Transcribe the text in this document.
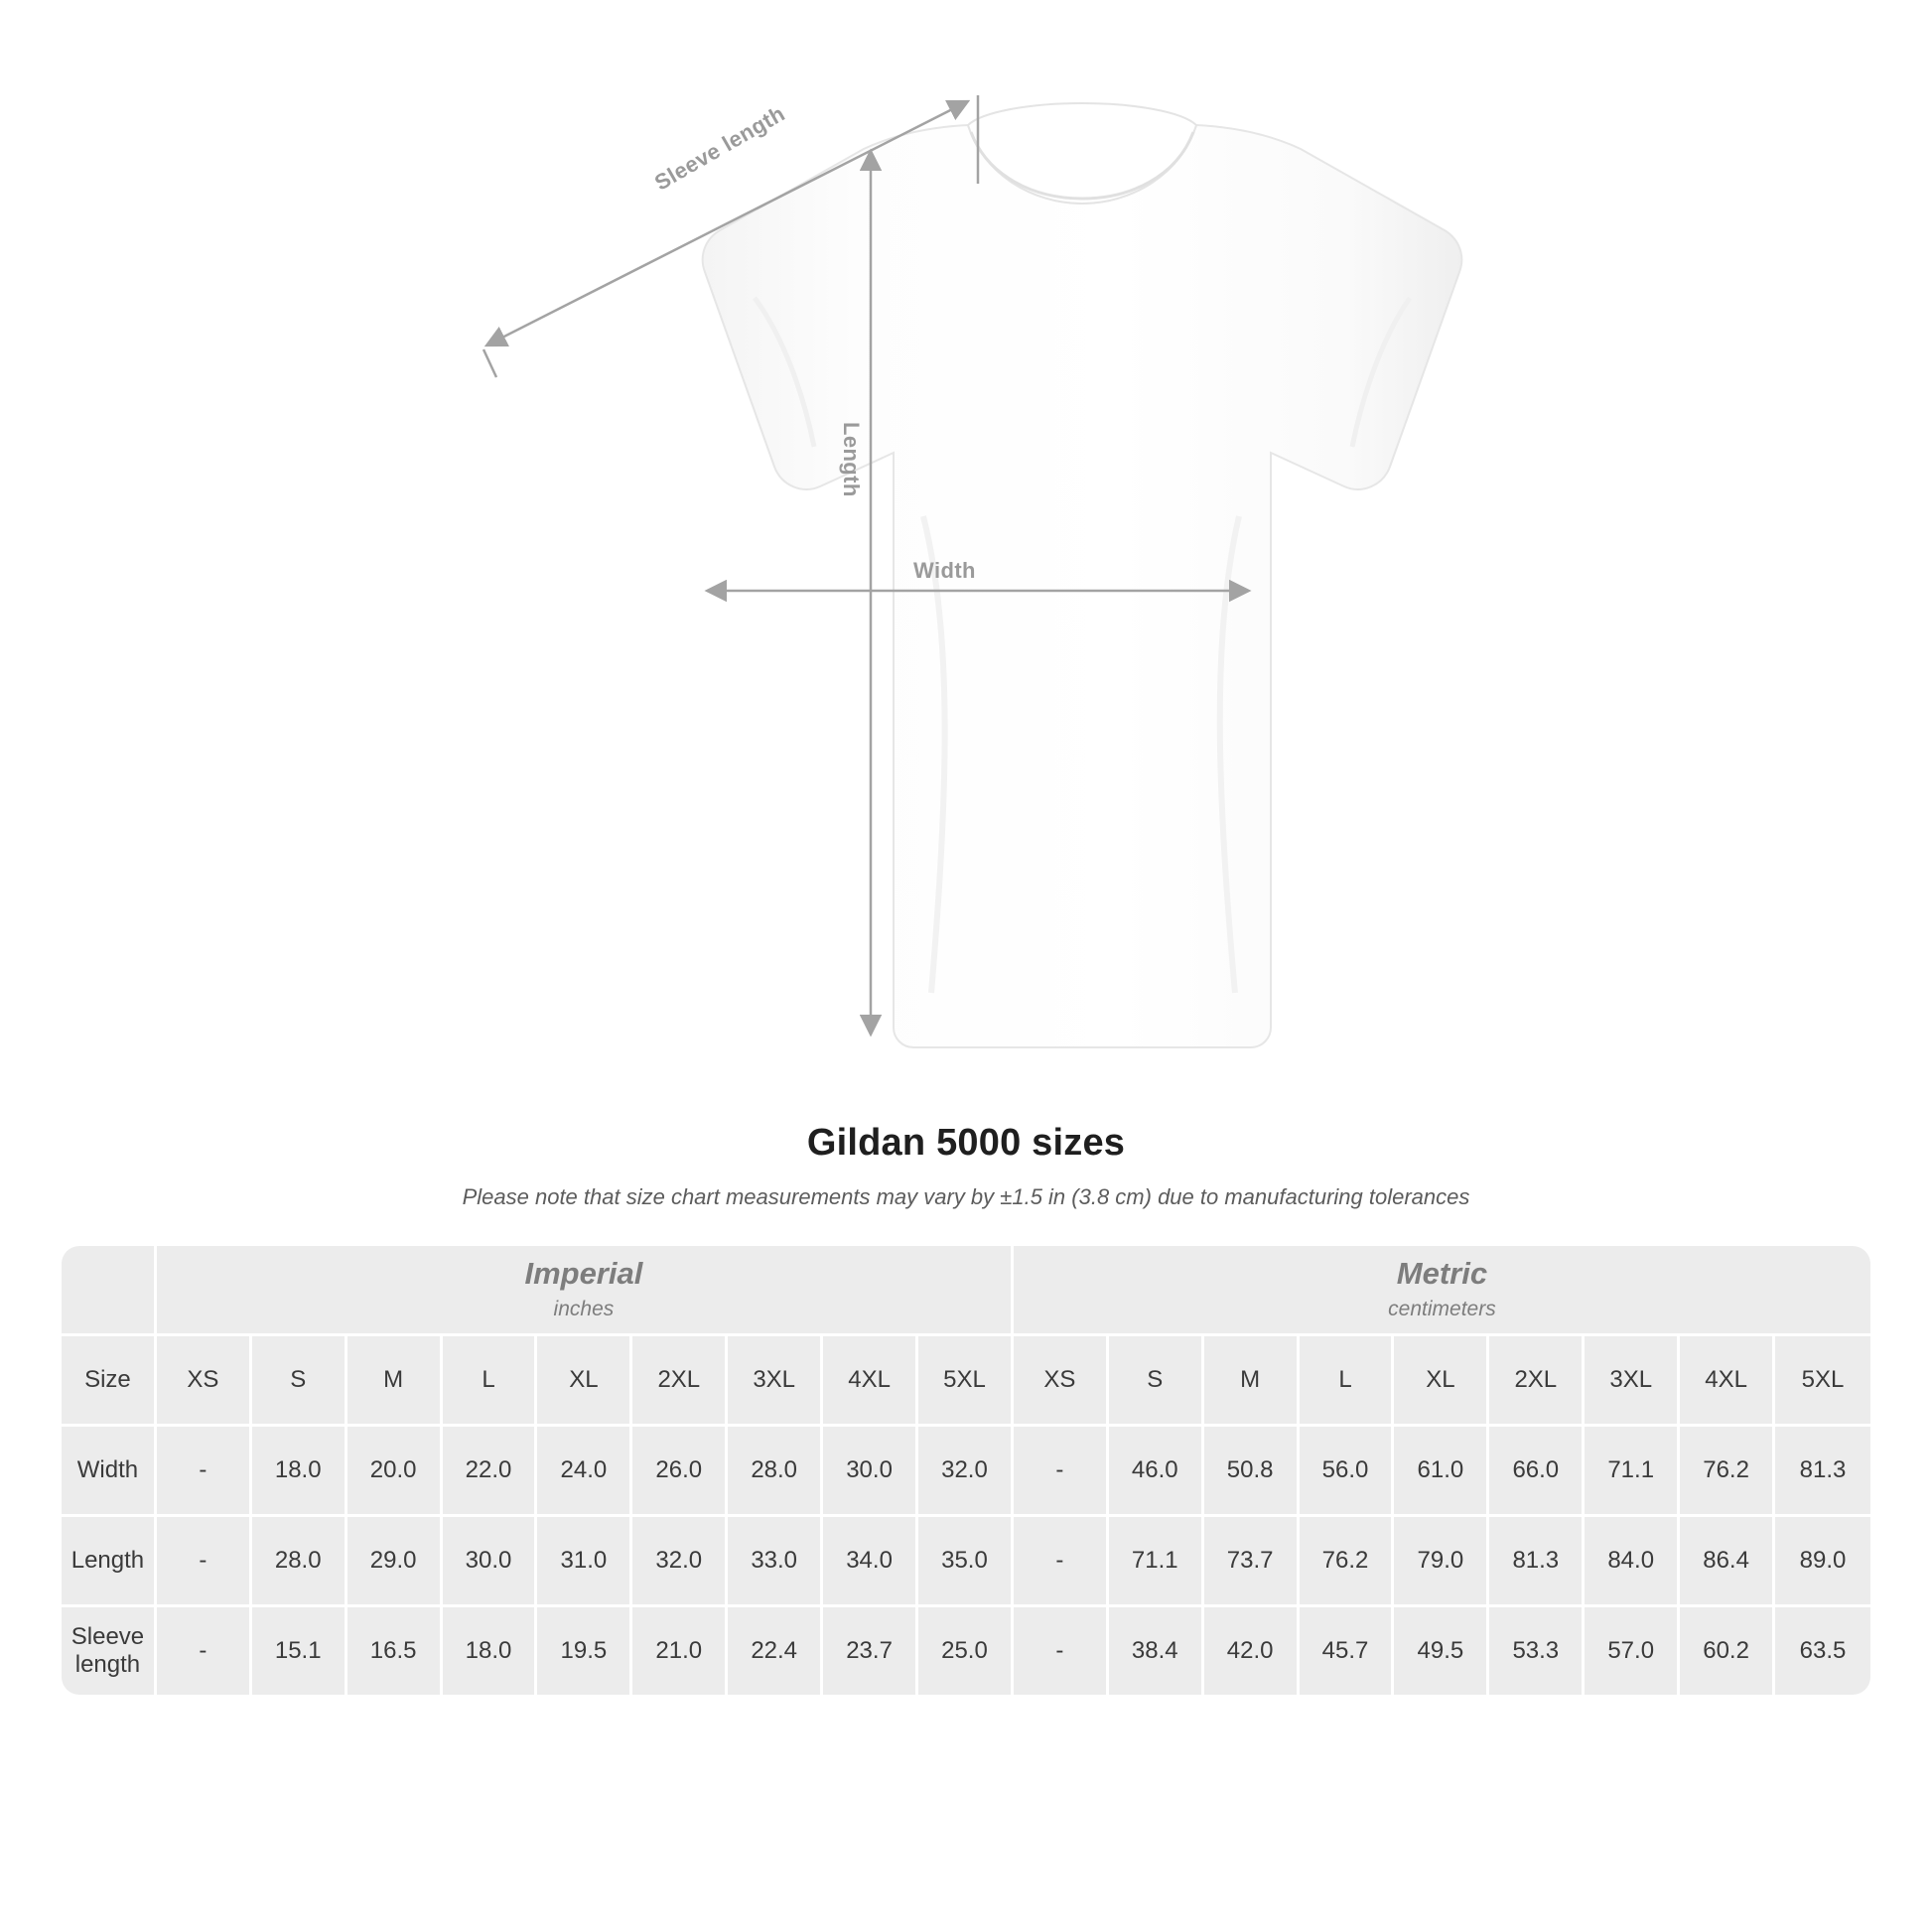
Width
Length
Sleeve length
Gildan 5000 sizes

Please note that size chart measurements may vary by ±1.5 in (3.8 cm) due to manufacturing tolerances

Imperial
inches

Metric
centimeters

Size	XS	S	M	L	XL	2XL	3XL	4XL	5XL	XS	S	M	L	XL	2XL	3XL	4XL	5XL
Width	-	18.0	20.0	22.0	24.0	26.0	28.0	30.0	32.0	-	46.0	50.8	56.0	61.0	66.0	71.1	76.2	81.3
Length	-	28.0	29.0	30.0	31.0	32.0	33.0	34.0	35.0	-	71.1	73.7	76.2	79.0	81.3	84.0	86.4	89.0
Sleeve length	-	15.1	16.5	18.0	19.5	21.0	22.4	23.7	25.0	-	38.4	42.0	45.7	49.5	53.3	57.0	60.2	63.5
